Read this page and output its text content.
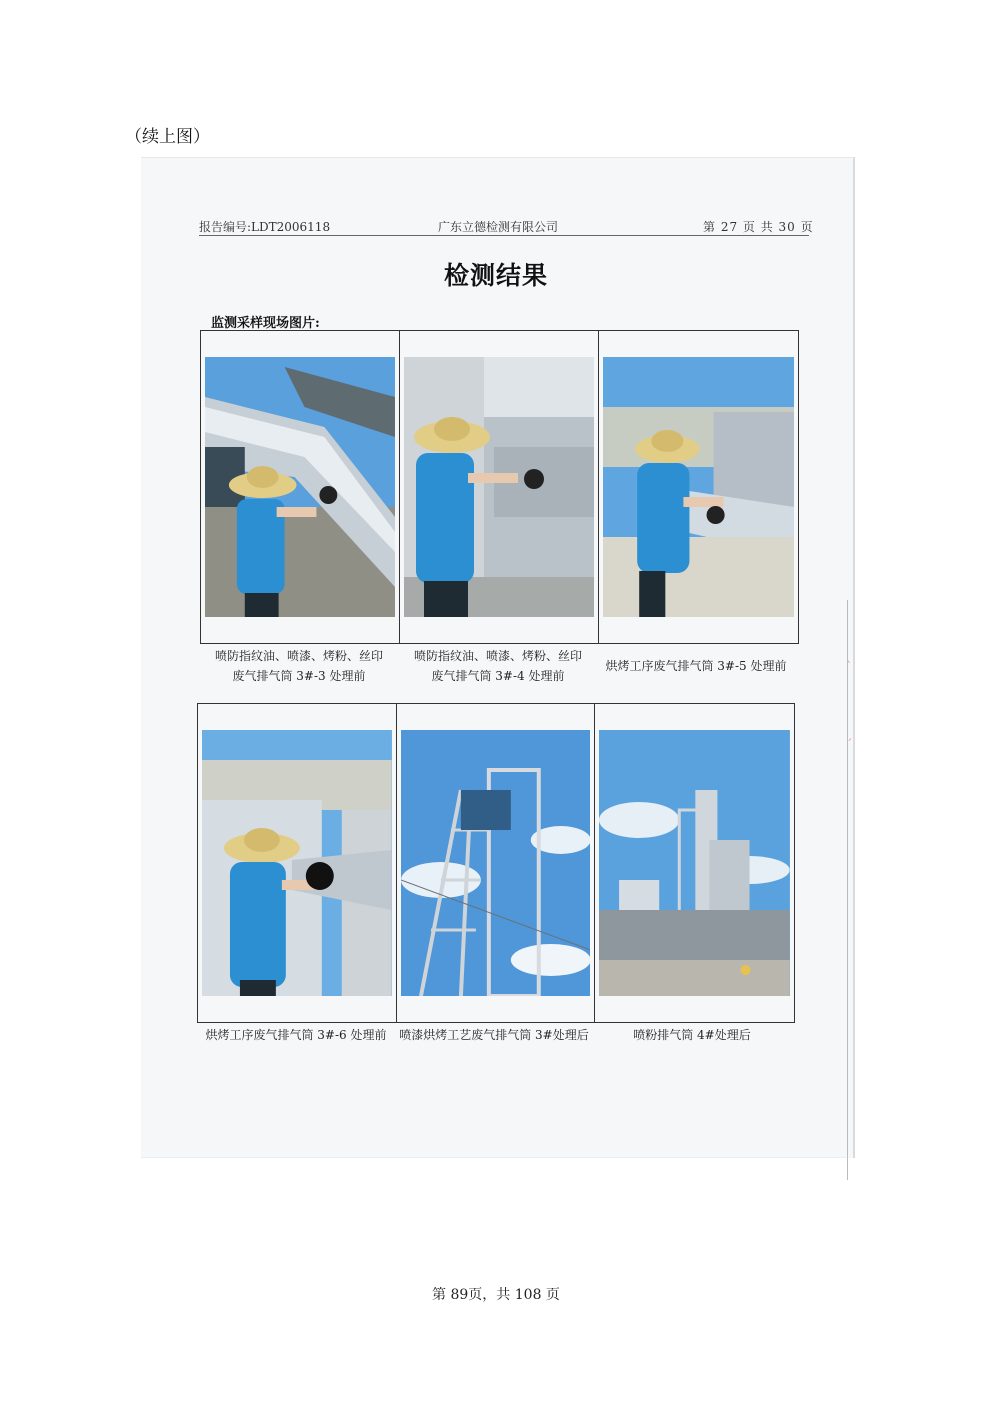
（续上图）
ˋ
ˊ
报告编号:LDT2006118	广东立德检测有限公司	第 27 页 共 30 页
检测结果
监测采样现场图片:
喷防指纹油、喷漆、烤粉、丝印
废气排气筒 3#-3 处理前
喷防指纹油、喷漆、烤粉、丝印
废气排气筒 3#-4 处理前
烘烤工序废气排气筒 3#-5 处理前
烘烤工序废气排气筒 3#-6 处理前	喷漆烘烤工艺废气排气筒 3#处理后	喷粉排气筒 4#处理后
第 89页，共 108 页
